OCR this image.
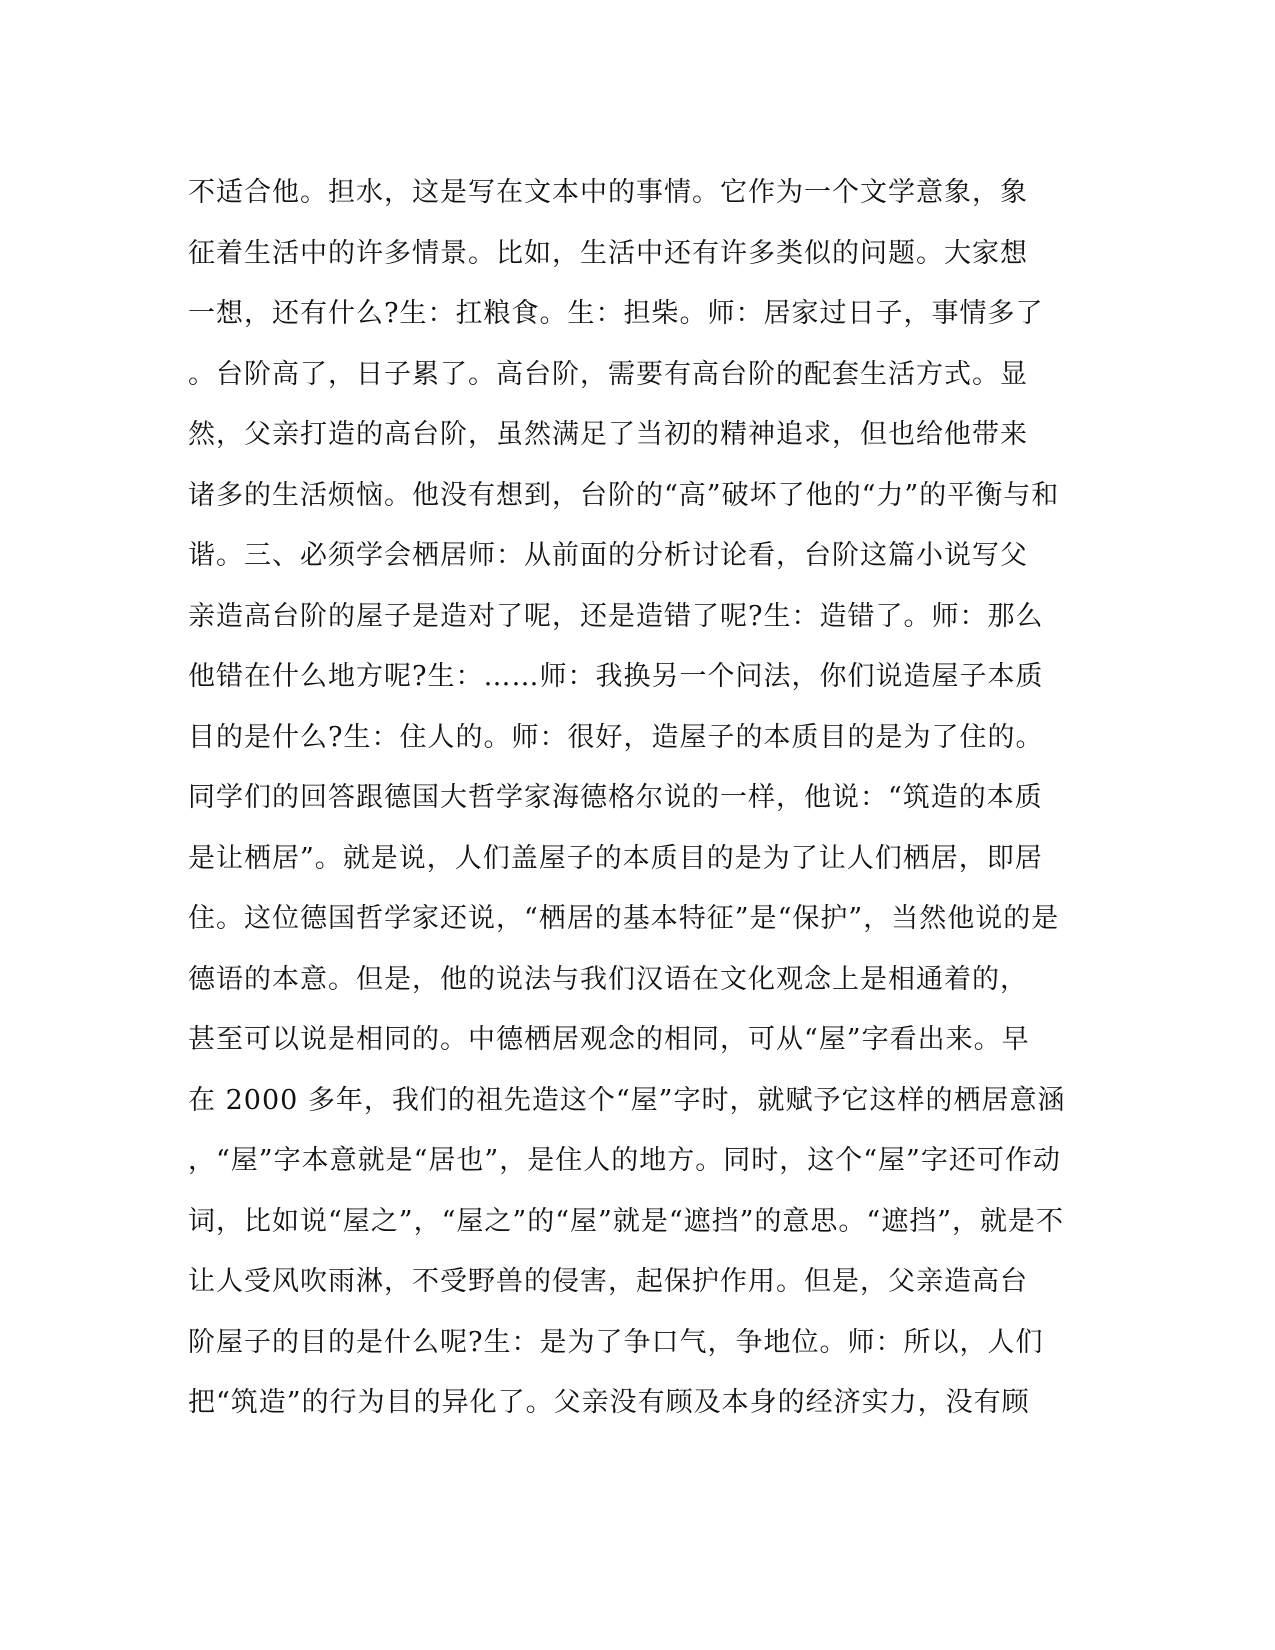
不适合他。担水，这是写在文本中的事情。它作为一个文学意象，象
征着生活中的许多情景。比如，生活中还有许多类似的问题。大家想
一想，还有什么?生：扛粮食。生：担柴。师：居家过日子，事情多了
。台阶高了，日子累了。高台阶，需要有高台阶的配套生活方式。显
然，父亲打造的高台阶，虽然满足了当初的精神追求，但也给他带来
诸多的生活烦恼。他没有想到，台阶的“高”破坏了他的“力”的平衡与和
谐。三、必须学会栖居师：从前面的分析讨论看，台阶这篇小说写父
亲造高台阶的屋子是造对了呢，还是造错了呢?生：造错了。师：那么
他错在什么地方呢?生：……师：我换另一个问法，你们说造屋子本质
目的是什么?生：住人的。师：很好，造屋子的本质目的是为了住的。
同学们的回答跟德国大哲学家海德格尔说的一样，他说：“筑造的本质
是让栖居”。就是说，人们盖屋子的本质目的是为了让人们栖居，即居
住。这位德国哲学家还说，“栖居的基本特征”是“保护”，当然他说的是
德语的本意。但是，他的说法与我们汉语在文化观念上是相通着的，
甚至可以说是相同的。中德栖居观念的相同，可从“屋”字看出来。早
在 2000 多年，我们的祖先造这个“屋”字时，就赋予它这样的栖居意涵
，“屋”字本意就是“居也”，是住人的地方。同时，这个“屋”字还可作动
词，比如说“屋之”，“屋之”的“屋”就是“遮挡”的意思。“遮挡”，就是不
让人受风吹雨淋，不受野兽的侵害，起保护作用。但是，父亲造高台
阶屋子的目的是什么呢?生：是为了争口气，争地位。师：所以，人们
把“筑造”的行为目的异化了。父亲没有顾及本身的经济实力，没有顾
